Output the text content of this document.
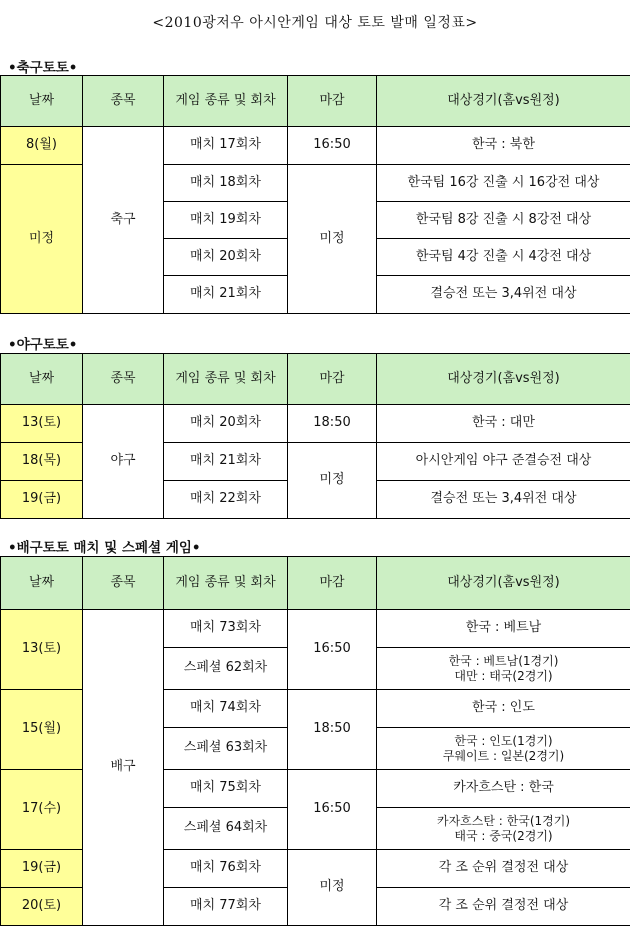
<2010광저우 아시안게임 대상 토토 발매 일정표>
•축구토토•
날짜	종목	게임 종류 및 회차	마감	대상경기(홈vs원정)
8(월)	축구	매치 17회차	16:50	한국 : 북한
미정		매치 18회차	미정	한국팀 16강 진출 시 16강전 대상
		매치 19회차		한국팀 8강 진출 시 8강전 대상
		매치 20회차		한국팀 4강 진출 시 4강전 대상
		매치 21회차		결승전 또는 3,4위전 대상
•야구토토•
날짜	종목	게임 종류 및 회차	마감	대상경기(홈vs원정)
13(토)	야구	매치 20회차	18:50	한국 : 대만
18(목)		매치 21회차	미정	아시안게임 야구 준결승전 대상
19(금)		매치 22회차		결승전 또는 3,4위전 대상
•배구토토 매치 및 스페셜 게임•
날짜	종목	게임 종류 및 회차	마감	대상경기(홈vs원정)
13(토)	배구	매치 73회차	16:50	한국 : 베트남
		스페셜 62회차		한국 : 베트남(1경기)
대만 : 태국(2경기)

15(월)		매치 74회차	18:50	한국 : 인도
		스페셜 63회차		한국 : 인도(1경기)
쿠웨이트 : 일본(2경기)

17(수)		매치 75회차	16:50	카자흐스탄 : 한국
		스페셜 64회차		카자흐스탄 : 한국(1경기)
태국 : 중국(2경기)

19(금)		매치 76회차	미정	각 조 순위 결정전 대상
20(토)		매치 77회차		각 조 순위 결정전 대상
